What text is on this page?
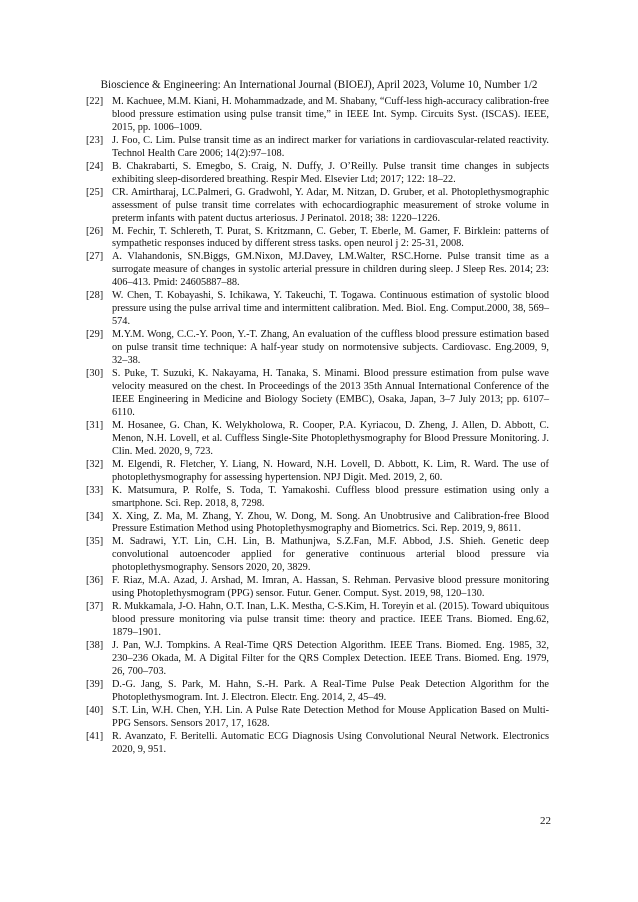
Bioscience & Engineering: An International Journal (BIOEJ), April 2023, Volume 10, Number 1/2
[22] M. Kachuee, M.M. Kiani, H. Mohammadzade, and M. Shabany, “Cuff-less high-accuracy calibration-free blood pressure estimation using pulse transit time,” in IEEE Int. Symp. Circuits Syst. (ISCAS). IEEE, 2015, pp. 1006–1009.
[23] J. Foo, C. Lim. Pulse transit time as an indirect marker for variations in cardiovascular-related reactivity. Technol Health Care 2006; 14(2):97–108.
[24] B. Chakrabarti, S. Emegbo, S. Craig, N. Duffy, J. O’Reilly. Pulse transit time changes in subjects exhibiting sleep-disordered breathing. Respir Med. Elsevier Ltd; 2017; 122: 18–22.
[25] CR. Amirtharaj, LC.Palmeri, G. Gradwohl, Y. Adar, M. Nitzan, D. Gruber, et al. Photoplethysmographic assessment of pulse transit time correlates with echocardiographic measurement of stroke volume in preterm infants with patent ductus arteriosus. J Perinatol. 2018; 38: 1220–1226.
[26] M. Fechir, T. Schlereth, T. Purat, S. Kritzmann, C. Geber, T. Eberle, M. Gamer, F. Birklein: patterns of sympathetic responses induced by different stress tasks. open neurol j 2: 25-31, 2008.
[27] A. Vlahandonis, SN.Biggs, GM.Nixon, MJ.Davey, LM.Walter, RSC.Horne. Pulse transit time as a surrogate measure of changes in systolic arterial pressure in children during sleep. J Sleep Res. 2014; 23: 406–413. Pmid: 24605887–88.
[28] W. Chen, T. Kobayashi, S. Ichikawa, Y. Takeuchi, T. Togawa. Continuous estimation of systolic blood pressure using the pulse arrival time and intermittent calibration. Med. Biol. Eng. Comput.2000, 38, 569–574.
[29] M.Y.M. Wong, C.C.-Y. Poon, Y.-T. Zhang, An evaluation of the cuffless blood pressure estimation based on pulse transit time technique: A half-year study on normotensive subjects. Cardiovasc. Eng.2009, 9, 32–38.
[30] S. Puke, T. Suzuki, K. Nakayama, H. Tanaka, S. Minami. Blood pressure estimation from pulse wave velocity measured on the chest. In Proceedings of the 2013 35th Annual International Conference of the IEEE Engineering in Medicine and Biology Society (EMBC), Osaka, Japan, 3–7 July 2013; pp. 6107–6110.
[31] M. Hosanee, G. Chan, K. Welykholowa, R. Cooper, P.A. Kyriacou, D. Zheng, J. Allen, D. Abbott, C. Menon, N.H. Lovell, et al. Cuffless Single-Site Photoplethysmography for Blood Pressure Monitoring. J. Clin. Med. 2020, 9, 723.
[32] M. Elgendi, R. Fletcher, Y. Liang, N. Howard, N.H. Lovell, D. Abbott, K. Lim, R. Ward. The use of photoplethysmography for assessing hypertension. NPJ Digit. Med. 2019, 2, 60.
[33] K. Matsumura, P. Rolfe, S. Toda, T. Yamakoshi. Cuffless blood pressure estimation using only a smartphone. Sci. Rep. 2018, 8, 7298.
[34] X. Xing, Z. Ma, M. Zhang, Y. Zhou, W. Dong, M. Song. An Unobtrusive and Calibration-free Blood Pressure Estimation Method using Photoplethysmography and Biometrics. Sci. Rep. 2019, 9, 8611.
[35] M. Sadrawi, Y.T. Lin, C.H. Lin, B. Mathunjwa, S.Z.Fan, M.F. Abbod, J.S. Shieh. Genetic deep convolutional autoencoder applied for generative continuous arterial blood pressure via photoplethysmography. Sensors 2020, 20, 3829.
[36] F. Riaz, M.A. Azad, J. Arshad, M. Imran, A. Hassan, S. Rehman. Pervasive blood pressure monitoring using Photoplethysmogram (PPG) sensor. Futur. Gener. Comput. Syst. 2019, 98, 120–130.
[37] R. Mukkamala, J-O. Hahn, O.T. Inan, L.K. Mestha, C-S.Kim, H. Toreyin et al. (2015). Toward ubiquitous blood pressure monitoring via pulse transit time: theory and practice. IEEE Trans. Biomed. Eng.62, 1879–1901.
[38] J. Pan, W.J. Tompkins. A Real-Time QRS Detection Algorithm. IEEE Trans. Biomed. Eng. 1985, 32, 230–236 Okada, M. A Digital Filter for the QRS Complex Detection. IEEE Trans. Biomed. Eng. 1979, 26, 700–703.
[39] D.-G. Jang, S. Park, M. Hahn, S.-H. Park. A Real-Time Pulse Peak Detection Algorithm for the Photoplethysmogram. Int. J. Electron. Electr. Eng. 2014, 2, 45–49.
[40] S.T. Lin, W.H. Chen, Y.H. Lin. A Pulse Rate Detection Method for Mouse Application Based on Multi-PPG Sensors. Sensors 2017, 17, 1628.
[41] R. Avanzato, F. Beritelli. Automatic ECG Diagnosis Using Convolutional Neural Network. Electronics 2020, 9, 951.
22
